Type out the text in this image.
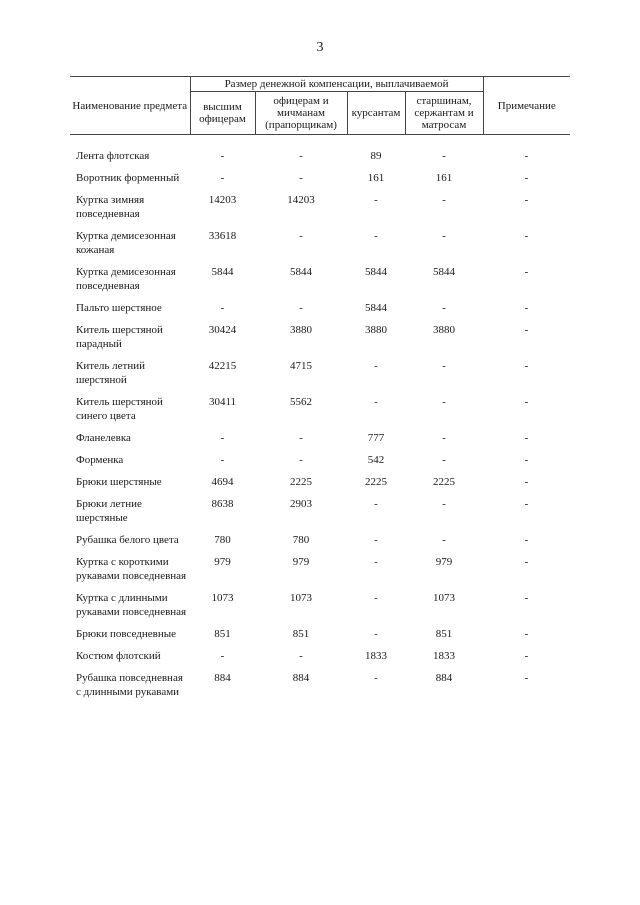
3
Наименование предмета	Размер денежной компенсации, выплачиваемой				Примечание
	высшим офицерам	офицерам и мичманам (прапорщикам)	курсантам	старшинам, сержантам и матросам	

Лента флотская	-	-	89	-	-
Воротник форменный	-	-	161	161	-
Куртка зимняя повседневная	14203	14203	-	-	-
Куртка демисезонная кожаная	33618	-	-	-	-
Куртка демисезонная повседневная	5844	5844	5844	5844	-
Пальто шерстяное	-	-	5844	-	-
Китель шерстяной парадный	30424	3880	3880	3880	-
Китель летний шерстяной	42215	4715	-	-	-
Китель шерстяной синего цвета	30411	5562	-	-	-
Фланелевка	-	-	777	-	-
Форменка	-	-	542	-	-
Брюки шерстяные	4694	2225	2225	2225	-
Брюки летние шерстяные	8638	2903	-	-	-
Рубашка белого цвета	780	780	-	-	-
Куртка с короткими рукавами повседневная	979	979	-	979	-
Куртка с длинными рукавами повседневная	1073	1073	-	1073	-
Брюки повседневные	851	851	-	851	-
Костюм флотский	-	-	1833	1833	-
Рубашка повседневная с длинными рукавами	884	884	-	884	-
